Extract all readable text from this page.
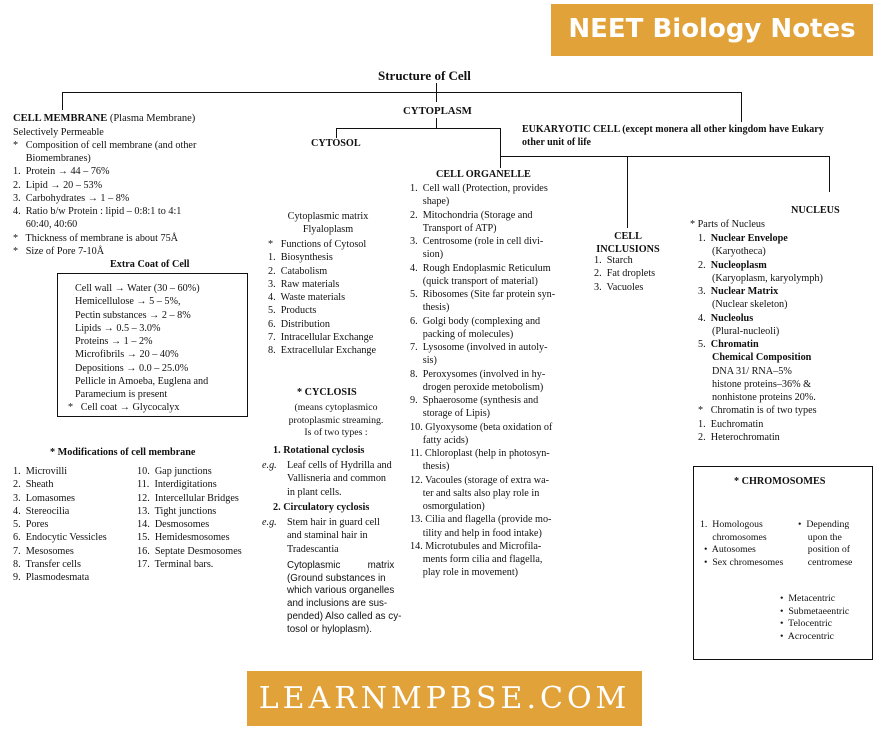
NEET Biology Notes
LEARNMPBSE.COM
Structure of Cell
CELL MEMBRANE (Plasma Membrane)
Selectively Permeable
*   Composition of cell membrane (and other
Biomembranes)
1.  Protein → 44 – 76%
2.  Lipid → 20 – 53%
3.  Carbohydrates → 1 – 8%
4.  Ratio b/w Protein : lipid – 0:8:1 to 4:1
60:40, 40:60
*   Thickness of membrane is about 75Å
*   Size of Pore 7-10Å
Extra Coat of Cell
Cell wall → Water (30 – 60%)
Hemicellulose → 5 – 5%,
Pectin substances → 2 – 8%
Lipids → 0.5 – 3.0%
Proteins → 1 – 2%
Microfibrils → 20 – 40%
Depositions → 0.0 – 25.0%
Pellicle in Amoeba, Euglena and
Paramecium is present
*   Cell coat → Glycocalyx
* Modifications of cell membrane
1.  Microvilli
2.  Sheath
3.  Lomasomes
4.  Stereocilia
5.  Pores
6.  Endocytic Vessicles
7.  Mesosomes
8.  Transfer cells
9.  Plasmodesmata
10.  Gap junctions
11.  Interdigitations
12.  Intercellular Bridges
13.  Tight junctions
14.  Desmosomes
15.  Hemidesmosomes
16.  Septate Desmosomes
17.  Terminal bars.
CYTOPLASM
CYTOSOL
Cytoplasmic matrix
Flyaloplasm
*   Functions of Cytosol
1.  Biosynthesis
2.  Catabolism
3.  Raw materials
4.  Waste materials
5.  Products
6.  Distribution
7.  Intracellular Exchange
8.  Extracellular Exchange
* CYCLOSIS
(means cytoplasmico
protoplasmic streaming.
Is of two types :
1. Rotational cyclosis
e.g. Leaf cells of Hydrilla and
Vallisneria and common
in plant cells.
2. Circulatory cyclosis
e.g. Stem hair in guard cell
and staminal hair in
Tradescantia
Cytoplasmic          matrix
(Ground substances in
which various organelles
and inclusions are sus-
pended) Also called as cy-
tosol or hyloplasm).
CELL ORGANELLE
1.  Cell wall (Protection, provides
shape)
2.  Mitochondria (Storage and
Transport of ATP)
3.  Centrosome (role in cell divi-
sion)
4.  Rough Endoplasmic Reticulum
(quick transport of material)
5.  Ribosomes (Site far protein syn-
thesis)
6.  Golgi body (complexing and
packing of molecules)
7.  Lysosome (involved in autoly-
sis)
8.  Peroxysomes (involved in hy-
drogen peroxide metobolism)
9.  Sphaerosome (synthesis and
storage of Lipis)
10. Glyoxysome (beta oxidation of
fatty acids)
11. Chloroplast (help in photosyn-
thesis)
12. Vacoules (storage of extra wa-
ter and salts also play role in
osmorgulation)
13. Cilia and flagella (provide mo-
tility and help in food intake)
14. Microtubules and Microfila-
ments form cilia and flagella,
play role in movement)
EUKARYOTIC CELL (except monera all other kingdom have Eukary
other unit of life
CELL
INCLUSIONS
1.  Starch
2.  Fat droplets
3.  Vacuoles
NUCLEUS
* Parts of Nucleus
1. Nuclear Envelope
(Karyotheca)
2. Nucleoplasm
(Karyoplasm, karyolymph)
3. Nuclear Matrix
(Nuclear skeleton)
4. Nucleolus
(Plural-nucleoli)
5. Chromatin
Chemical Composition
DNA 31/ RNA–5%
histone proteins–36% &
nonhistone proteins 20%.
*   Chromatin is of two types
1.  Euchromatin
2.  Heterochromatin
* CHROMOSOMES
1.  Homologous
chromosomes
•  Autosomes
•  Sex chromesomes
•  Depending
upon the
position of
centromese
•  Metacentric
•  Submetaeentric
•  Telocentric
•  Acrocentric
